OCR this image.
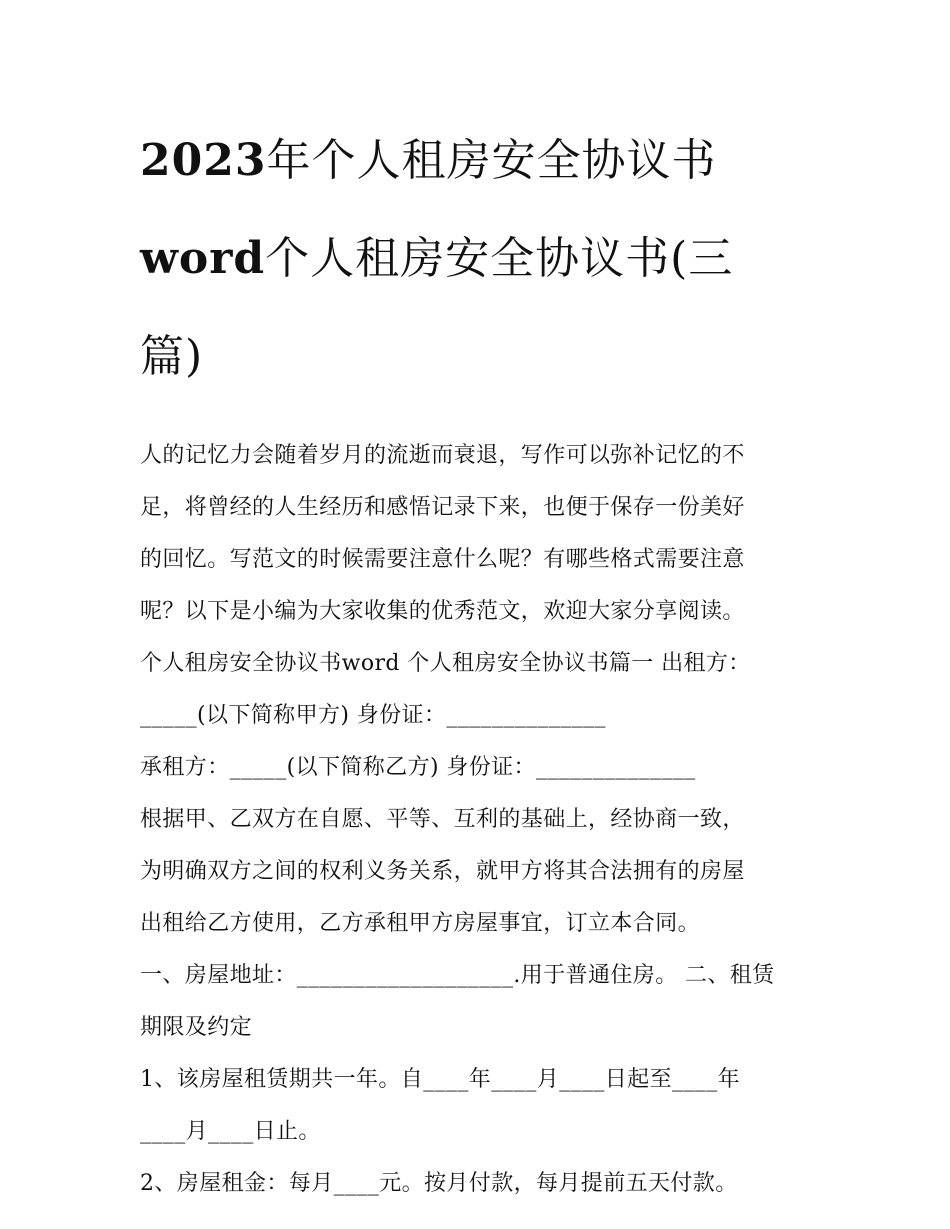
2023年个人租房安全协议书
word个人租房安全协议书(三
篇)

人的记忆力会随着岁月的流逝而衰退，写作可以弥补记忆的不

足，将曾经的人生经历和感悟记录下来，也便于保存一份美好

的回忆。写范文的时候需要注意什么呢？有哪些格式需要注意

呢？以下是小编为大家收集的优秀范文，欢迎大家分享阅读。

个人租房安全协议书word 个人租房安全协议书篇一 出租方：

_____(以下简称甲方) 身份证：______________

承租方：_____(以下简称乙方) 身份证：______________

根据甲、乙双方在自愿、平等、互利的基础上，经协商一致，

为明确双方之间的权利义务关系，就甲方将其合法拥有的房屋

出租给乙方使用，乙方承租甲方房屋事宜，订立本合同。

一、房屋地址：___________________.用于普通住房。 二、租赁

期限及约定

1、该房屋租赁期共一年。自____年____月____日起至____年

____月____日止。

2、房屋租金：每月____元。按月付款，每月提前五天付款。
